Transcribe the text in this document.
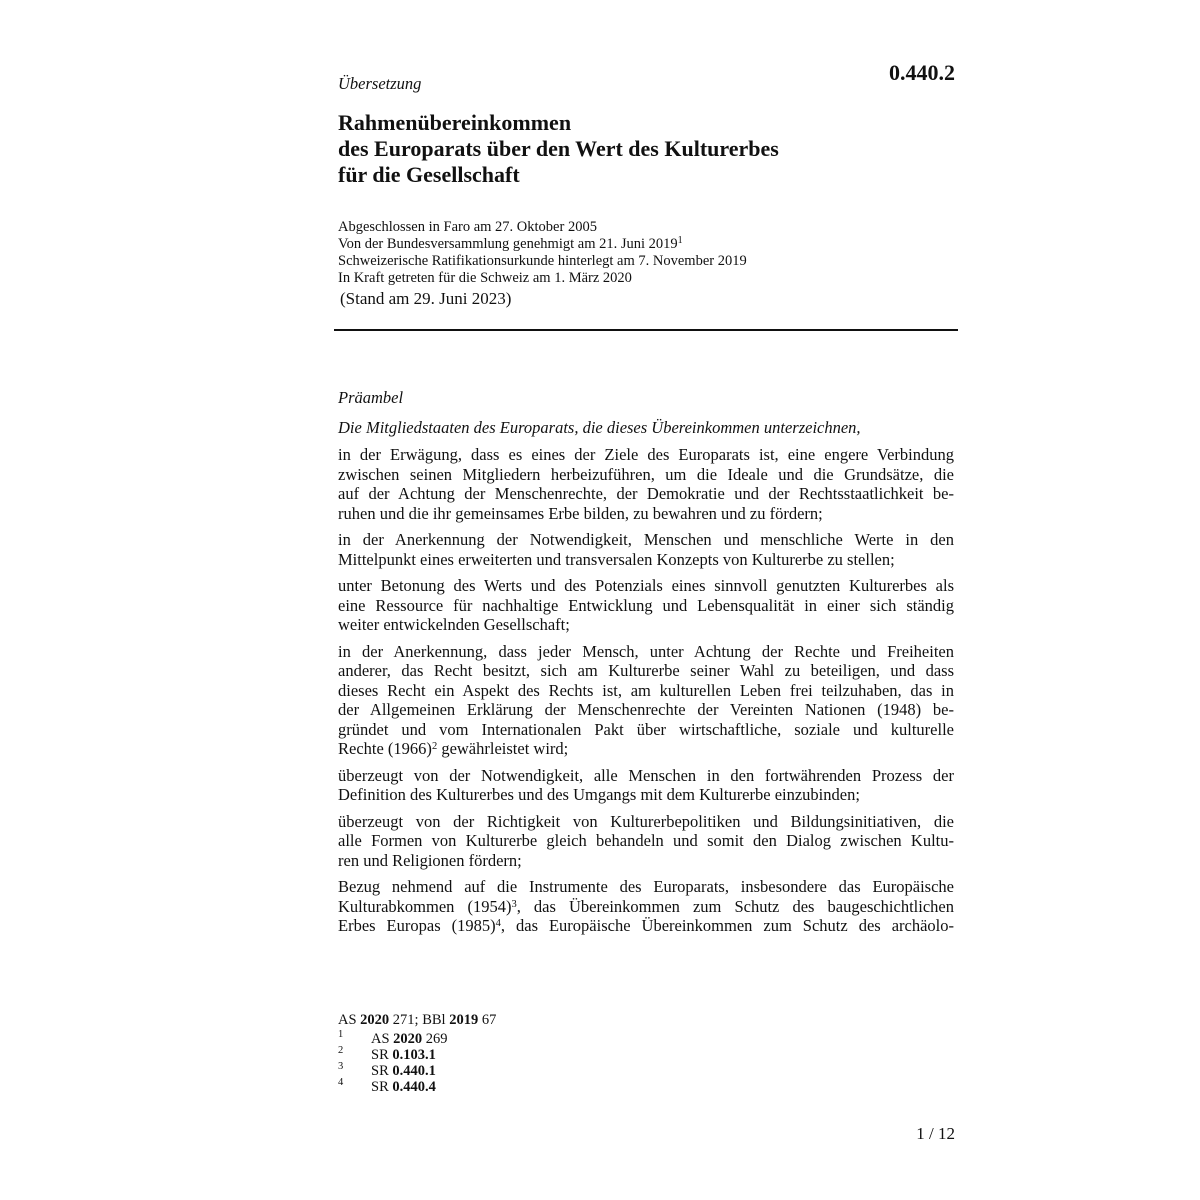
Übersetzung	0.440.2
Rahmenübereinkommen
des Europarats über den Wert des Kulturerbes
für die Gesellschaft
Abgeschlossen in Faro am 27. Oktober 2005
Von der Bundesversammlung genehmigt am 21. Juni 2019$^1$
Schweizerische Ratifikationsurkunde hinterlegt am 7. November 2019
In Kraft getreten für die Schweiz am 1. März 2020
(Stand am 29. Juni 2023)
Präambel
Die Mitgliedstaaten des Europarats, die dieses Übereinkommen unterzeichnen,
in der Erwägung, dass es eines der Ziele des Europarats ist, eine engere Verbindung
zwischen seinen Mitgliedern herbeizuführen, um die Ideale und die Grundsätze, die
auf der Achtung der Menschenrechte, der Demokratie und der Rechtsstaatlichkeit be-
ruhen und die ihr gemeinsames Erbe bilden, zu bewahren und zu fördern;
in der Anerkennung der Notwendigkeit, Menschen und menschliche Werte in den
Mittelpunkt eines erweiterten und transversalen Konzepts von Kulturerbe zu stellen;
unter Betonung des Werts und des Potenzials eines sinnvoll genutzten Kulturerbes als
eine Ressource für nachhaltige Entwicklung und Lebensqualität in einer sich ständig
weiter entwickelnden Gesellschaft;
in der Anerkennung, dass jeder Mensch, unter Achtung der Rechte und Freiheiten
anderer, das Recht besitzt, sich am Kulturerbe seiner Wahl zu beteiligen, und dass
dieses Recht ein Aspekt des Rechts ist, am kulturellen Leben frei teilzuhaben, das in
der Allgemeinen Erklärung der Menschenrechte der Vereinten Nationen (1948) be-
gründet und vom Internationalen Pakt über wirtschaftliche, soziale und kulturelle
Rechte (1966)$^2$ gewährleistet wird;
überzeugt von der Notwendigkeit, alle Menschen in den fortwährenden Prozess der
Definition des Kulturerbes und des Umgangs mit dem Kulturerbe einzubinden;
überzeugt von der Richtigkeit von Kulturerbepolitiken und Bildungsinitiativen, die
alle Formen von Kulturerbe gleich behandeln und somit den Dialog zwischen Kultu-
ren und Religionen fördern;
Bezug nehmend auf die Instrumente des Europarats, insbesondere das Europäische
Kulturabkommen (1954)$^3$, das Übereinkommen zum Schutz des baugeschichtlichen
Erbes Europas (1985)$^4$, das Europäische Übereinkommen zum Schutz des archäolo-
AS 2020 271; BBl 2019 67
1 AS 2020 269
2 SR 0.103.1
3 SR 0.440.1
4 SR 0.440.4
1 / 12
